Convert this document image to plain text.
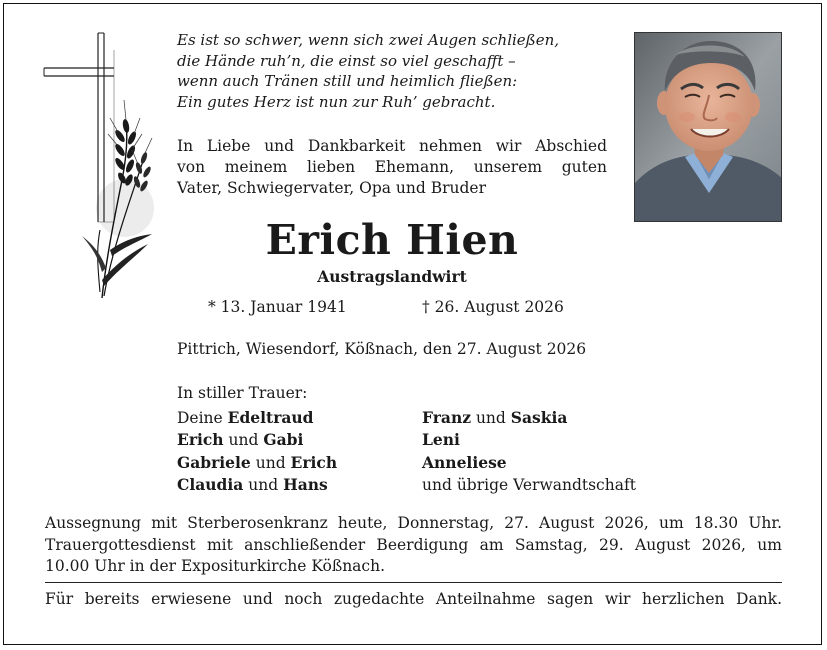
Es ist so schwer, wenn sich zwei Augen schließen,
die Hände ruh’n, die einst so viel geschafft –
wenn auch Tränen still und heimlich fließen:
Ein gutes Herz ist nun zur Ruh’ gebracht.
In Liebe und Dankbarkeit nehmen wir Abschied
von meinem lieben Ehemann, unserem guten
Vater, Schwiegervater, Opa und Bruder
Erich Hien
Austragslandwirt
* 13. Januar 1941	† 26. August 2026
Pittrich, Wiesendorf, Kößnach, den 27. August 2026
In stiller Trauer:
Deine Edeltraud
Erich und Gabi
Gabriele und Erich
Claudia und Hans
Franz und Saskia
Leni
Anneliese
und übrige Verwandtschaft
Aussegnung mit Sterberosenkranz heute, Donnerstag, 27. August 2026, um 18.30 Uhr.
Trauergottesdienst mit anschließender Beerdigung am Samstag, 29. August 2026, um
10.00 Uhr in der Expositurkirche Kößnach.
Für bereits erwiesene und noch zugedachte Anteilnahme sagen wir herzlichen Dank.
